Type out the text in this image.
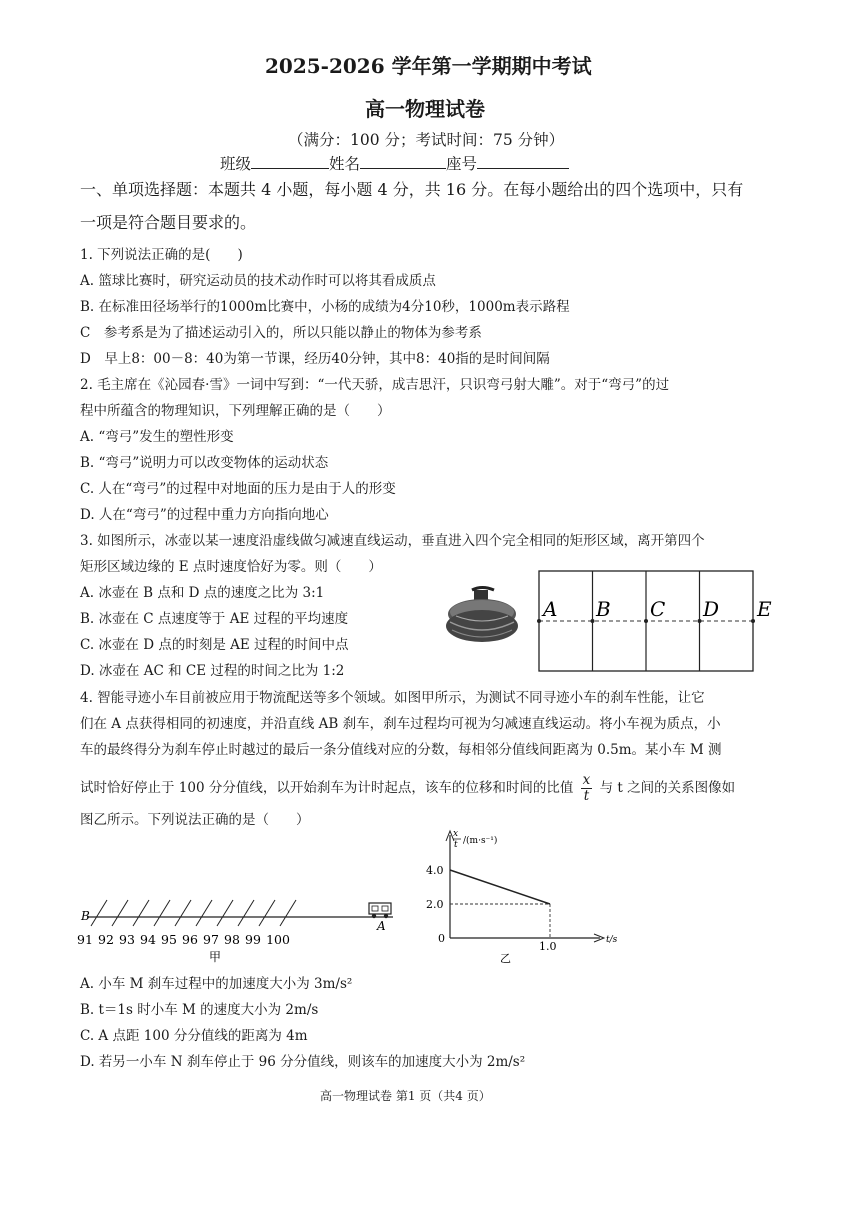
2025-2026 学年第一学期期中考试
高一物理试卷
（满分：100 分；考试时间：75 分钟）
班级	姓名	座号
一、单项选择题：本题共 4 小题，每小题 4 分，共 16 分。在每小题给出的四个选项中，只有
一项是符合题目要求的。
1. 下列说法正确的是(　　)
A. 篮球比赛时，研究运动员的技术动作时可以将其看成质点
B. 在标准田径场举行的1000m比赛中，小杨的成绩为4分10秒，1000m表示路程
C　参考系是为了描述运动引入的，所以只能以静止的物体为参考系
D　早上8：00－8：40为第一节课，经历40分钟，其中8：40指的是时间间隔
2. 毛主席在《沁园春·雪》一词中写到：“一代天骄，成吉思汗，只识弯弓射大雕”。对于“弯弓”的过
程中所蕴含的物理知识，下列理解正确的是（　　）
A. “弯弓”发生的塑性形变
B. “弯弓”说明力可以改变物体的运动状态
C. 人在“弯弓”的过程中对地面的压力是由于人的形变
D. 人在“弯弓”的过程中重力方向指向地心
3. 如图所示，冰壶以某一速度沿虚线做匀减速直线运动，垂直进入四个完全相同的矩形区域，离开第四个
矩形区域边缘的 E 点时速度恰好为零。则（　　）
A. 冰壶在 B 点和 D 点的速度之比为 3:1
B. 冰壶在 C 点速度等于 AE 过程的平均速度
C. 冰壶在 D 点的时刻是 AE 过程的时间中点
D. 冰壶在 AC 和 CE 过程的时间之比为 1:2
A B C D E
4. 智能寻迹小车目前被应用于物流配送等多个领域。如图甲所示，为测试不同寻迹小车的刹车性能，让它
们在 A 点获得相同的初速度，并沿直线 AB 刹车，刹车过程均可视为匀减速直线运动。将小车视为质点，小
车的最终得分为刹车停止时越过的最后一条分值线对应的分数，每相邻分值线间距离为 0.5m。某小车 M 测
试时恰好停止于 100 分分值线，以开始刹车为计时起点，该车的位移和时间的比值 $\frac{x}{t}$ 与 t 之间的关系图像如
图乙所示。下列说法正确的是（　　）
B
A
91 92 93 94 95 96 97 98 99 100
甲
x
t /(m·s⁻¹)
4.0
2.0
0
1.0	t/s
乙
A. 小车 M 刹车过程中的加速度大小为 3m/s²
B. t＝1s 时小车 M 的速度大小为 2m/s
C. A 点距 100 分分值线的距离为 4m
D. 若另一小车 N 刹车停止于 96 分分值线，则该车的加速度大小为 2m/s²
高一物理试卷 第1 页（共4 页）
